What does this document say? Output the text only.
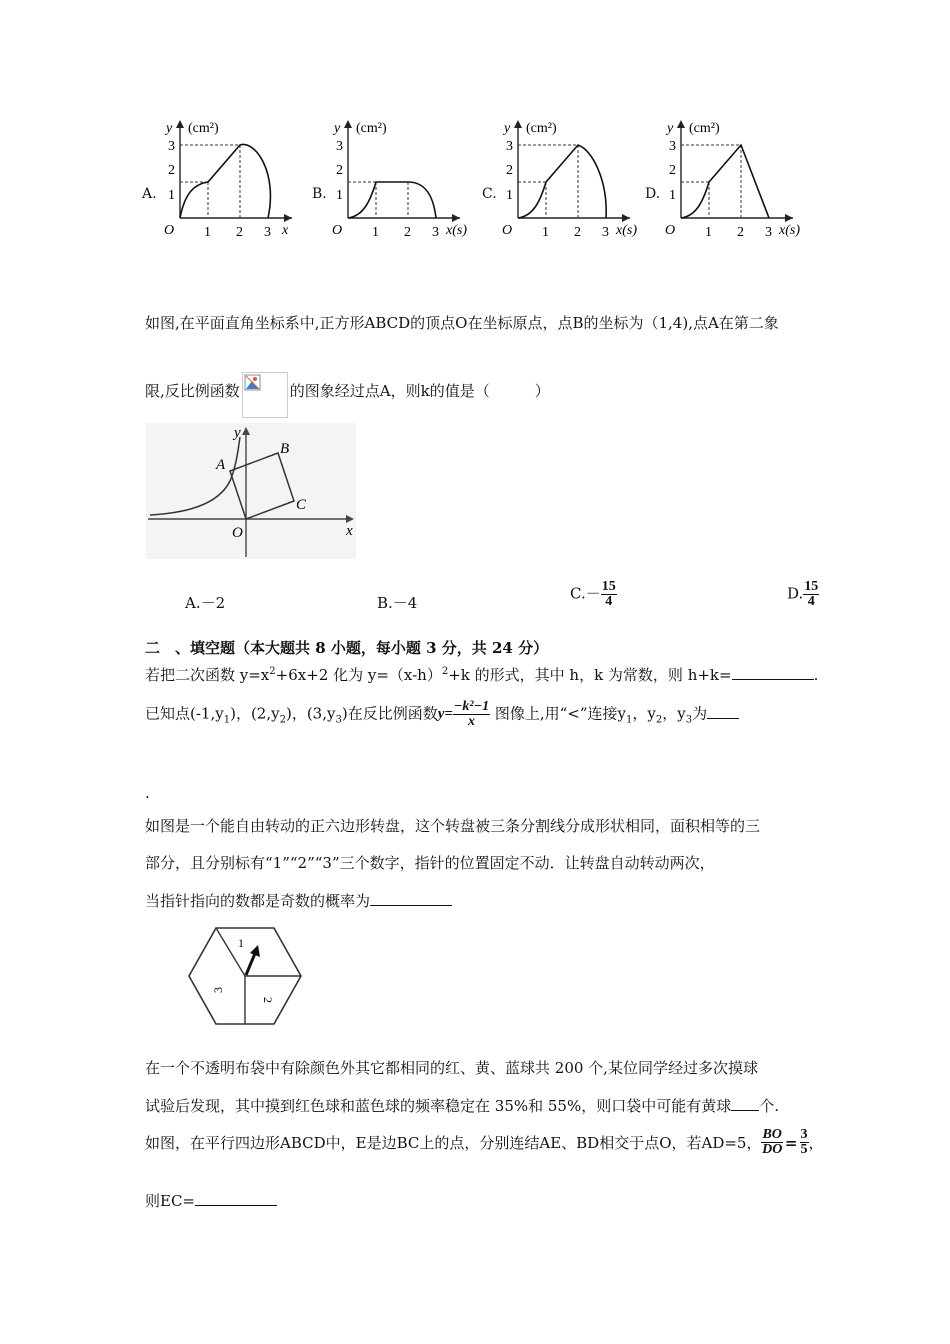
A.
y (cm²)
3
2
1
O 1 2 3 x
B.
y (cm²)
3
2
1
O 1 2 3 x(s)
C.
y (cm²)
3
2
1
O 1 2 3 x(s)
D.
y (cm²)
3
2
1
O 1 2 3 x(s)
如图,在平面直角坐标系中,正方形ABCD的顶点O在坐标原点，点B的坐标为（1,4),点A在第二象
限,反比例函数	的图象经过点A，则k的值是（　　　）
y
x
A
B
C
O
A.－2	B.－4
$C.- \frac{15}{4}$	D. $\frac{15}{4}$
二　、填空题（本大题共 8 小题，每小题 3 分，共 24 分）
若把二次函数 $y=x^2+6x+2$ 化为 $y=(x-h)^2+k$ 的形式，其中 h，k 为常数，则 h+k=	.
已知点$(-1,y_1)$，$(2,y_2)$，$(3,y_3)$在反比例函数$y= \frac{\text{−k²−1}}{x}$ 图像上,用“<”连接$y_1$，$y_2$，$y_3$为
.
如图是一个能自由转动的正六边形转盘，这个转盘被三条分割线分成形状相同，面积相等的三
部分，且分别标有“1”“2”“3”三个数字，指针的位置固定不动．让转盘自动转动两次，
当指针指向的数都是奇数的概率为
1
2
3
在一个不透明布袋中有除颜色外其它都相同的红、黄、蓝球共 200 个,某位同学经过多次摸球
试验后发现，其中摸到红色球和蓝色球的频率稳定在 35%和 55%，则口袋中可能有黄球 个.
如图，在平行四边形ABCD中，E是边BC上的点，分别连结AE、BD相交于点O，若AD=5， $\frac{BO}{DO} = \frac{3}{5}$ ，
则EC=
